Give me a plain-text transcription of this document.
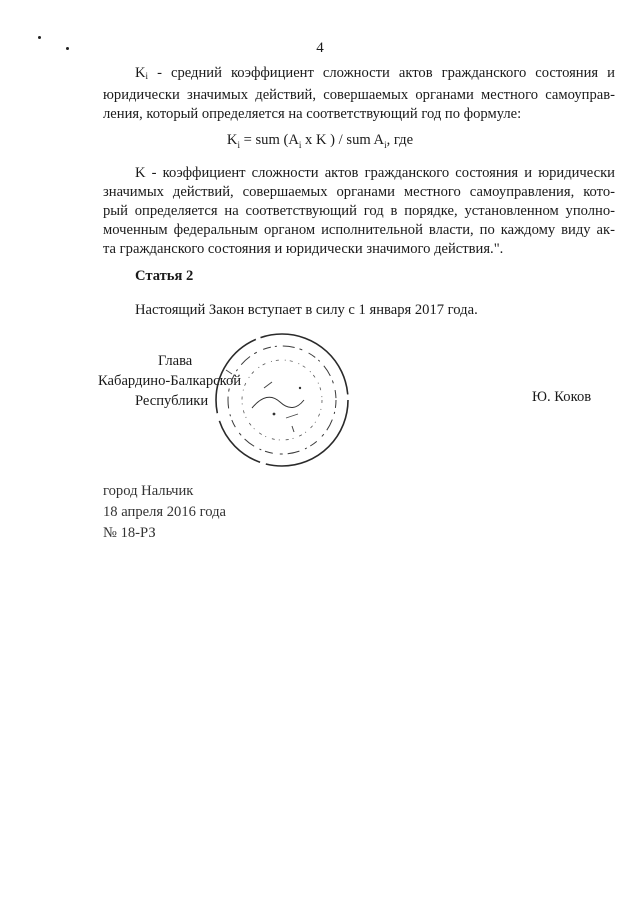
4
Ki - средний коэффициент сложности актов гражданского состояния и
юридически значимых действий, совершаемых органами местного самоупрaв-
ления, который определяется на соответствующий год по формуле:
$K_i$ = sum ($A_i$ x K ) / sum $A_i$, где
K - коэффициент сложности актов гражданского состояния и юридически
значимых действий, совершаемых органами местного самоуправления, кото-
рый определяется на соответствующий год в порядке, установленном уполно-
моченным федеральным органом исполнительной власти, по каждому виду ак-
та гражданского состояния и юридически значимого действия.".
Статья 2
Настоящий Закон вступает в силу с 1 января 2017 года.
Глава
Кабардино-Балкарской
Республики	Ю. Коков
город Нальчик
18 апреля 2016 года
№ 18-РЗ
